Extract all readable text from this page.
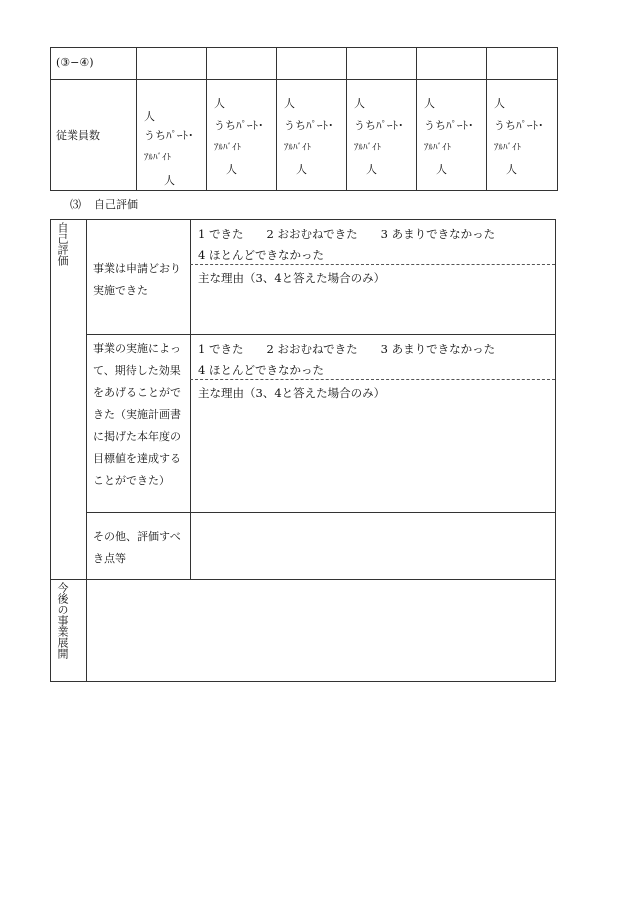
(③−④)
従業員数
人
うちﾊﾟｰﾄ･
ｱﾙﾊﾞｲﾄ
人
人
うちﾊﾟｰﾄ･
ｱﾙﾊﾞｲﾄ
人
人
うちﾊﾟｰﾄ･
ｱﾙﾊﾞｲﾄ
人
人
うちﾊﾟｰﾄ･
ｱﾙﾊﾞｲﾄ
人
人
うちﾊﾟｰﾄ･
ｱﾙﾊﾞｲﾄ
人
人
うちﾊﾟｰﾄ･
ｱﾙﾊﾞｲﾄ
人
⑶ 自己評価
自己評価
事業は申請どおり実施できた
1 できた　　2 おおむねできた　　3 あまりできなかった
4 ほとんどできなかった
主な理由（3、4と答えた場合のみ）
事業の実施によって、期待した効果をあげることができた（実施計画書に掲げた本年度の目標値を達成することができた）
1 できた　　2 おおむねできた　　3 あまりできなかった
4 ほとんどできなかった
主な理由（3、4と答えた場合のみ）
その他、評価すべき点等
今後の事業展開
